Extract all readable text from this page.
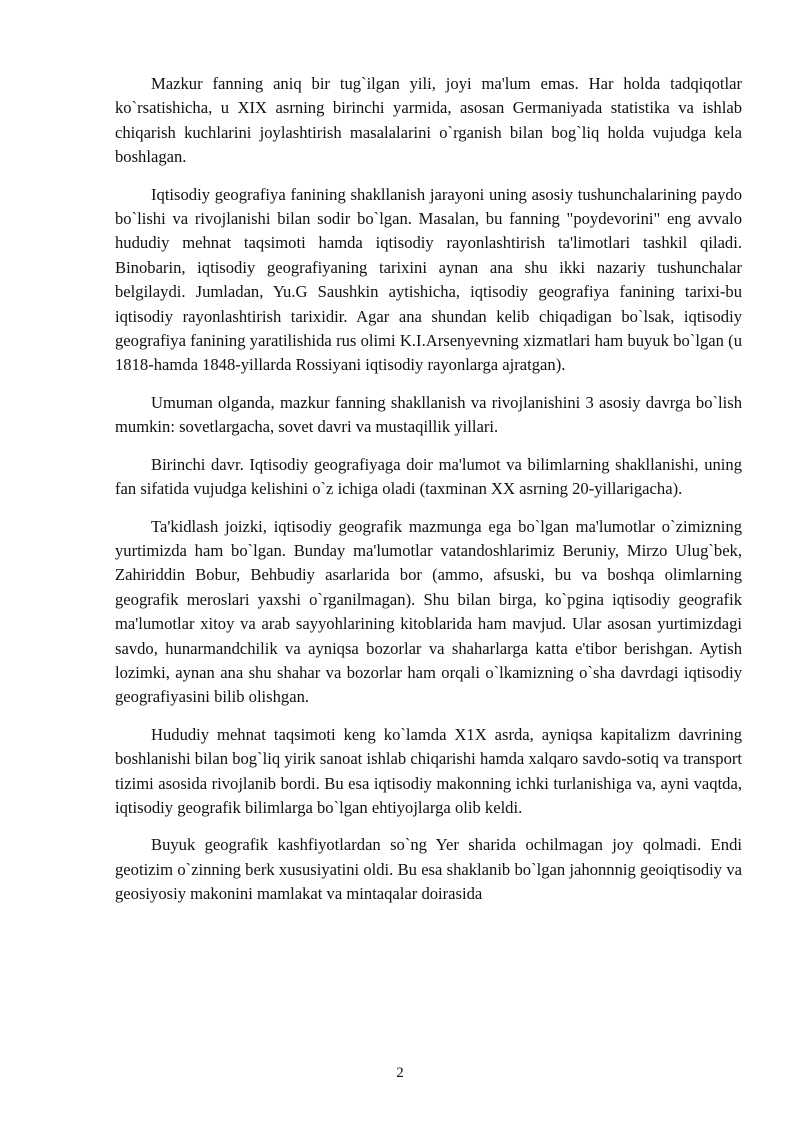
Mazkur fanning aniq bir tug`ilgan yili, joyi ma'lum emas. Har holda tadqiqotlar ko`rsatishicha, u XIX asrning birinchi yarmida, asosan Germaniyada statistika va ishlab chiqarish kuchlarini joylashtirish masalalarini o`rganish bilan bog`liq holda vujudga kela boshlagan.

Iqtisodiy geografiya fanining shakllanish jarayoni uning asosiy tushunchalarining paydo bo`lishi va rivojlanishi bilan sodir bo`lgan. Masalan, bu fanning "poydevorini" eng avvalo hududiy mehnat taqsimoti hamda iqtisodiy rayonlashtirish ta'limotlari tashkil qiladi. Binobarin, iqtisodiy geografiyaning tarixini aynan ana shu ikki nazariy tushunchalar belgilaydi. Jumladan, Yu.G Saushkin aytishicha, iqtisodiy geografiya fanining tarixi-bu iqtisodiy rayonlashtirish tarixidir. Agar ana shundan kelib chiqadigan bo`lsak, iqtisodiy geografiya fanining yaratilishida rus olimi K.I.Arsenyevning xizmatlari ham buyuk bo`lgan (u 1818-hamda 1848-yillarda Rossiyani iqtisodiy rayonlarga ajratgan).

Umuman olganda, mazkur fanning shakllanish va rivojlanishini 3 asosiy davrga bo`lish mumkin: sovetlargacha, sovet davri va mustaqillik yillari.

Birinchi davr. Iqtisodiy geografiyaga doir ma'lumot va bilimlarning shakllanishi, uning fan sifatida vujudga kelishini o`z ichiga oladi (taxminan XX asrning 20-yillarigacha).

Ta'kidlash joizki, iqtisodiy geografik mazmunga ega bo`lgan ma'lumotlar o`zimizning yurtimizda ham bo`lgan. Bunday ma'lumotlar vatandoshlarimiz Beruniy, Mirzo Ulug`bek, Zahiriddin Bobur, Behbudiy asarlarida bor (ammo, afsuski, bu va boshqa olimlarning geografik meroslari yaxshi o`rganilmagan). Shu bilan birga, ko`pgina iqtisodiy geografik ma'lumotlar xitoy va arab sayyohlarining kitoblarida ham mavjud. Ular asosan yurtimizdagi savdo, hunarmandchilik va ayniqsa bozorlar va shaharlarga katta e'tibor berishgan. Aytish lozimki, aynan ana shu shahar va bozorlar ham orqali o`lkamizning o`sha davrdagi iqtisodiy geografiyasini bilib olishgan.

Hududiy mehnat taqsimoti keng ko`lamda X1X asrda, ayniqsa kapitalizm davrining boshlanishi bilan bog`liq yirik sanoat ishlab chiqarishi hamda xalqaro savdo-sotiq va transport tizimi asosida rivojlanib bordi. Bu esa iqtisodiy makonning ichki turlanishiga va, ayni vaqtda, iqtisodiy geografik bilimlarga bo`lgan ehtiyojlarga olib keldi.

Buyuk geografik kashfiyotlardan so`ng Yer sharida ochilmagan joy qolmadi. Endi geotizim o`zinning berk xususiyatini oldi. Bu esa shaklanib bo`lgan jahonnnig geoiqtisodiy va geosiyosiy makonini mamlakat va mintaqalar doirasida

2
